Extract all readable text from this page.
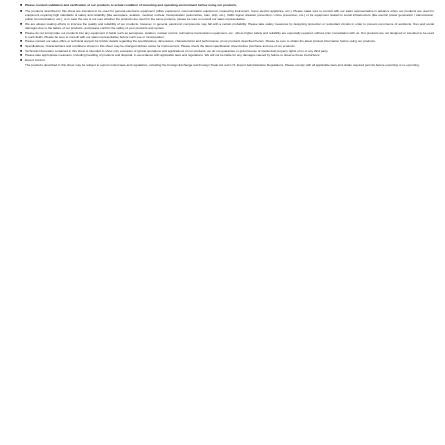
■ Please conduct validation and verification of our products to actual condition of mounting and operating environment before using our products.
■ The products described in this sheet are intended to be used for general electronic equipment (office equipment, communication equipment, measuring instrument, home electric appliance, etc.). Please make sure to consult with our sales representative in advance when our products are used for equipment requiring high standards of safety and reliability (like aerospace, aviation, medical, nuclear, transportation (automotive, train, ship, etc.), traffic signal, disaster prevention / crime prevention, etc.) or for equipment related to social infrastructure (like electric power generation / transmission, public communication, etc.), or in case the use is not sure whether the products are used for the same purpose, please be sure to consult our sales representative.
■ We are always making efforts to improve the quality and reliability of our products, however, in general, electronic components may fail with a certain probability. Please take safety measures by designing protection or redundant circuits in order to prevent occurrence of accidents, fires and social damages due to the failure of our products, and please confirm the safety of your products and system.
■ Please do not incorporate our products into any equipment in fields such as aerospace, aviation, nuclear control, submarine transmission equipment, etc., where higher safety and reliability are especially required, without prior consultation with us. Our products are not designed or intended to be used in such fields. Please be sure to consult with our sales representative before such use or incorporation.
■ Please contact our sales office or technical support for further details regarding the specifications, dimensions, characteristics and performance of our products described herein. Please be sure to obtain the latest product information before using our products.
■ Specifications, characteristics and conditions shown in this sheet may be changed without notice for improvement. Please check the latest specification sheet before purchase and use of our products.
■ Technical information contained in this sheet is intended to show only examples of typical operations and applications of our products; we do not guarantee or grant license of intellectual property rights of us or any third party.
■ Please take appropriate measures, including handling of products and disposal, in accordance with applicable laws and regulations. We will not be liable for any damages caused by failure to observe these instructions.
■ Export Control
The products described in this sheet may be subject to export control laws and regulations, including the Foreign Exchange and Foreign Trade Act and U.S. Export Administration Regulations. Please comply with all applicable laws and obtain required permits before exporting or re-exporting.
